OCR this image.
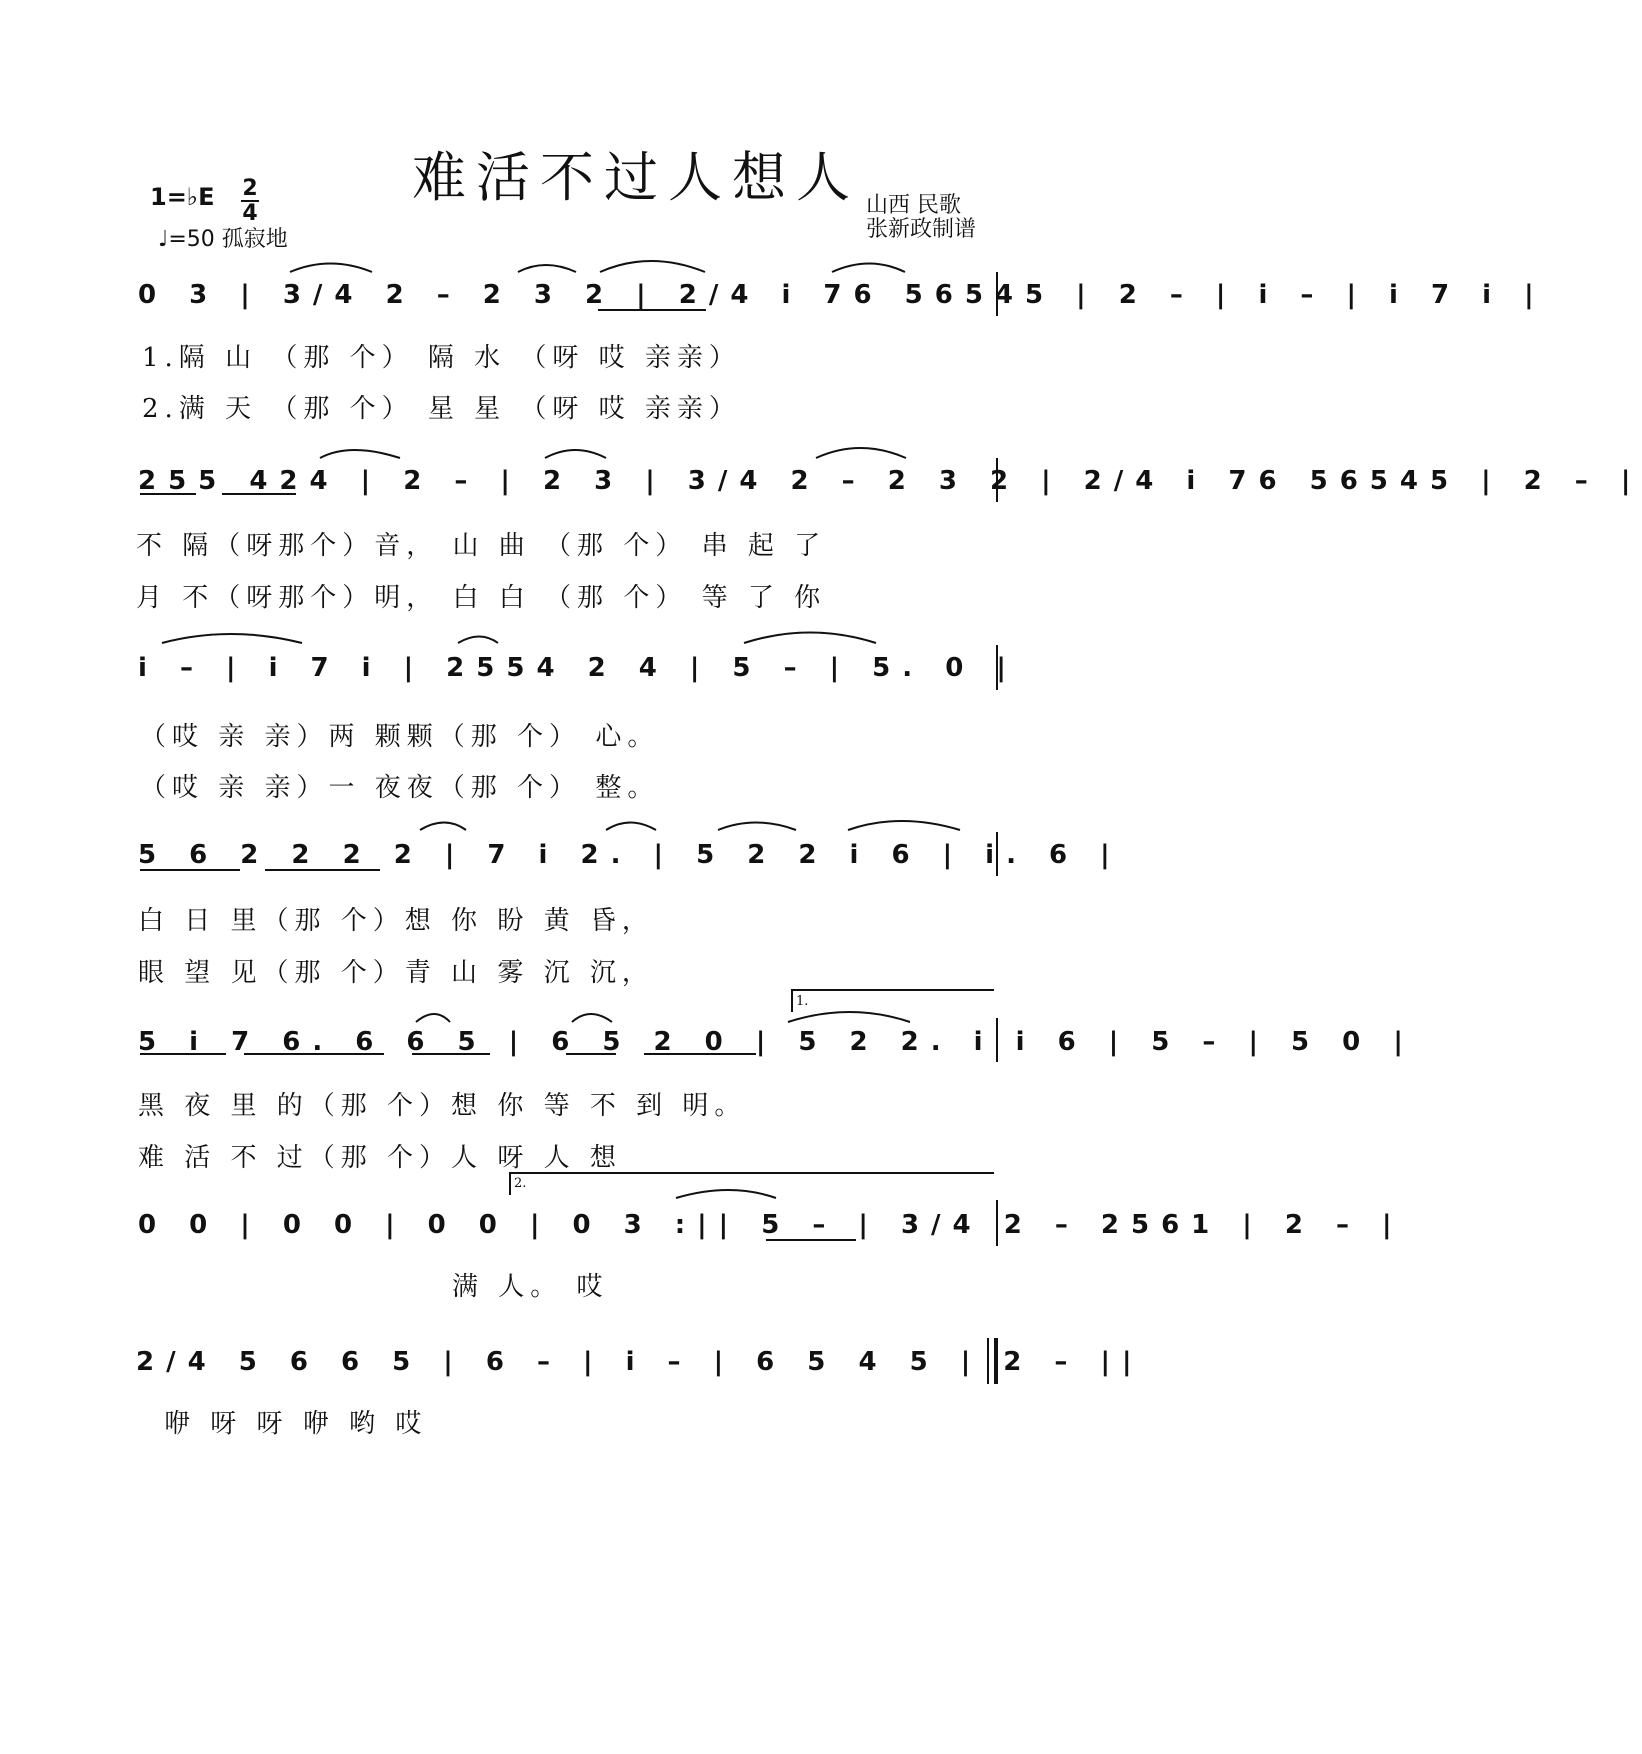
难活不过人想人
1=♭E 2
4
♩=50 孤寂地
山西 民歌
张新政制谱
0 3 | 3/4 2 – 2 3 2 | 2/4 i 76 56545 | 2 – | i – | i 7 i |
1.隔 山 （那 个） 隔 水 （呀 哎 亲亲）
2.满 天 （那 个） 星 星 （呀 哎 亲亲）
255 424 | 2 – | 2 3 | 3/4 2 – 2 3 2 | 2/4 i 76 56545 | 2 – |
不 隔（呀那个）音， 山 曲 （那 个） 串 起 了
月 不（呀那个）明， 白 白 （那 个） 等 了 你
i – | i 7 i | 2554 2 4 | 5 – | 5. 0 |
（哎 亲 亲）两 颗颗（那 个） 心。
（哎 亲 亲）一 夜夜（那 个） 整。
5 6 2 2 2 2 | 7 i 2. | 5 2 2 i 6 | i. 6 |
白 日 里（那 个）想 你 盼 黄 昏，
眼 望 见（那 个）青 山 雾 沉 沉，
1.
5 i 7 6. 6 6 5 | 6 5 2 0 | 5 2 2. i i 6 | 5 – | 5 0 |
黑 夜 里 的（那 个）想 你 等 不 到 明。
难 活 不 过（那 个）人 呀 人 想
2.
0 0 | 0 0 | 0 0 | 0 3 :|| 5 – | 3/4 2 – 2561 | 2 – |
满 人。 哎
2/4 5 6 6 5 | 6 – | i – | 6 5 4 5 | 2 – ||
咿 呀 呀 咿 哟 哎
